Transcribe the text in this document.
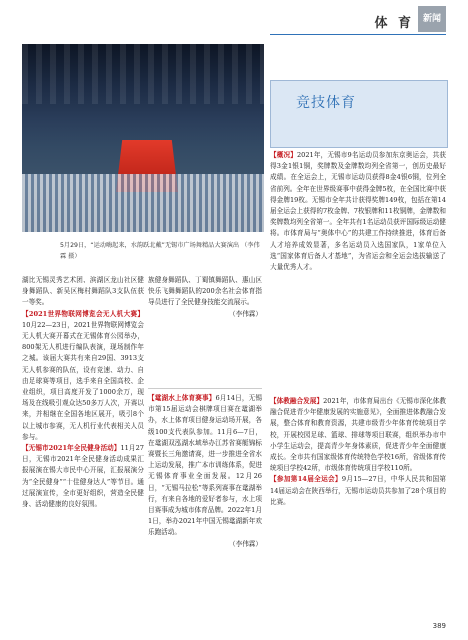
体 育 新闻
5月29日，“运动嗨起来，水韵跃北戴”无锡市广场舞精品大赛演出 （李伟霖 摄）
竞技体育

湖比无锡灵秀艺术团、滨湖区龙山社区健身舞蹈队、新吴区梅村舞蹈队3支队伍获一等奖。

【2021世界物联网博览会无人机大赛】10月22—23日，2021世界物联网博览会无人机大赛开幕式在无锡体育公园举办，800架无人机进行编队表演，现场制作年之城。该届大赛共有来自29国、3913支无人机参赛的队伍，设有竞速、动力、自由足球赛等项目，选手来自全国高校、企业组织，项目高度开发了1000余万，现场及在线吸引观众达50多万人次，开赛以来，并相继在全国各地区展开，吸引8个以上城市参赛，无人机行业代表相关人员参与。

【无锡市2021年全民健身活动】11月27日，无锡市2021年全民健身活动成果汇报展演在锡大市民中心开展，汇报展演分为“全民健身”“十佳健身达人”等节目。通过展演宣传，全市更好组织，营造全民健身、活动健康的良好氛围。

族健身舞蹈队、丁蜀镇舞蹈队、惠山区快乐飞舞舞蹈队的200余名社会体育指导员进行了全民健身技能交流展示。

（李伟霖）

【鼋湖水上体育赛事】6月14日，无锡市第15届运动会棋牌项目赛在鼋湖举办，水上体育项目健身运动场开展，各级100支代表队参加。11月6—7日，在鼋湖双泓湖水域举办江苏省赛艇锦标赛暨长三角邀请赛，进一步推进全省水上运动发展，推广本市训练体系，促进无锡体育事业全面发展。12月26日，“无锡马拉松”等系列赛事在鼋湖举行，有来自各地的爱好者参与，水上项目赛事成为城市体育品牌。2022年1月1日，举办2021年中国无锡鼋湖新年欢乐跑活动。

（李伟霖）

【概况】2021年，无锡市9名运动员参加东京奥运会，共获得3金1银1铜，奖牌数及金牌数均列全省第一，创历史最好成绩。在全运会上，无锡市运动员获得8金4银6铜，位列全省前列。全年在世界级赛事中获得金牌5枚，在全国比赛中获得金牌19枚。无锡市全年共计获得奖牌149枚，包括在第14届全运会上获得的7枚金牌、7枚银牌和11枚铜牌，金牌数和奖牌数均列全省第一。全年共有1名运动员获评国际级运动健将。市体育局与“奥体中心”的共建工作持续推进，体育后备人才培养成效显著，多名运动员入选国家队，1家单位入选“国家体育后备人才基地”，为省运会和全运会选拔输送了大量优秀人才。

【体教融合发展】2021年，市体育局出台《无锡市深化体教融合促进青少年健康发展的实施意见》，全面推进体教融合发展，整合体育和教育资源，共建市级青少年体育传统项目学校，开展校园足球、篮球、排球等项目联赛，组织举办市中小学生运动会，提高青少年身体素质，促进青少年全面健康成长。全市共有国家级体育传统特色学校16所，省级体育传统项目学校42所，市级体育传统项目学校110所。

【参加第14届全运会】9月15—27日，中华人民共和国第14届运动会在陕西举行，无锡市运动员共参加了28个项目的比赛。

389
